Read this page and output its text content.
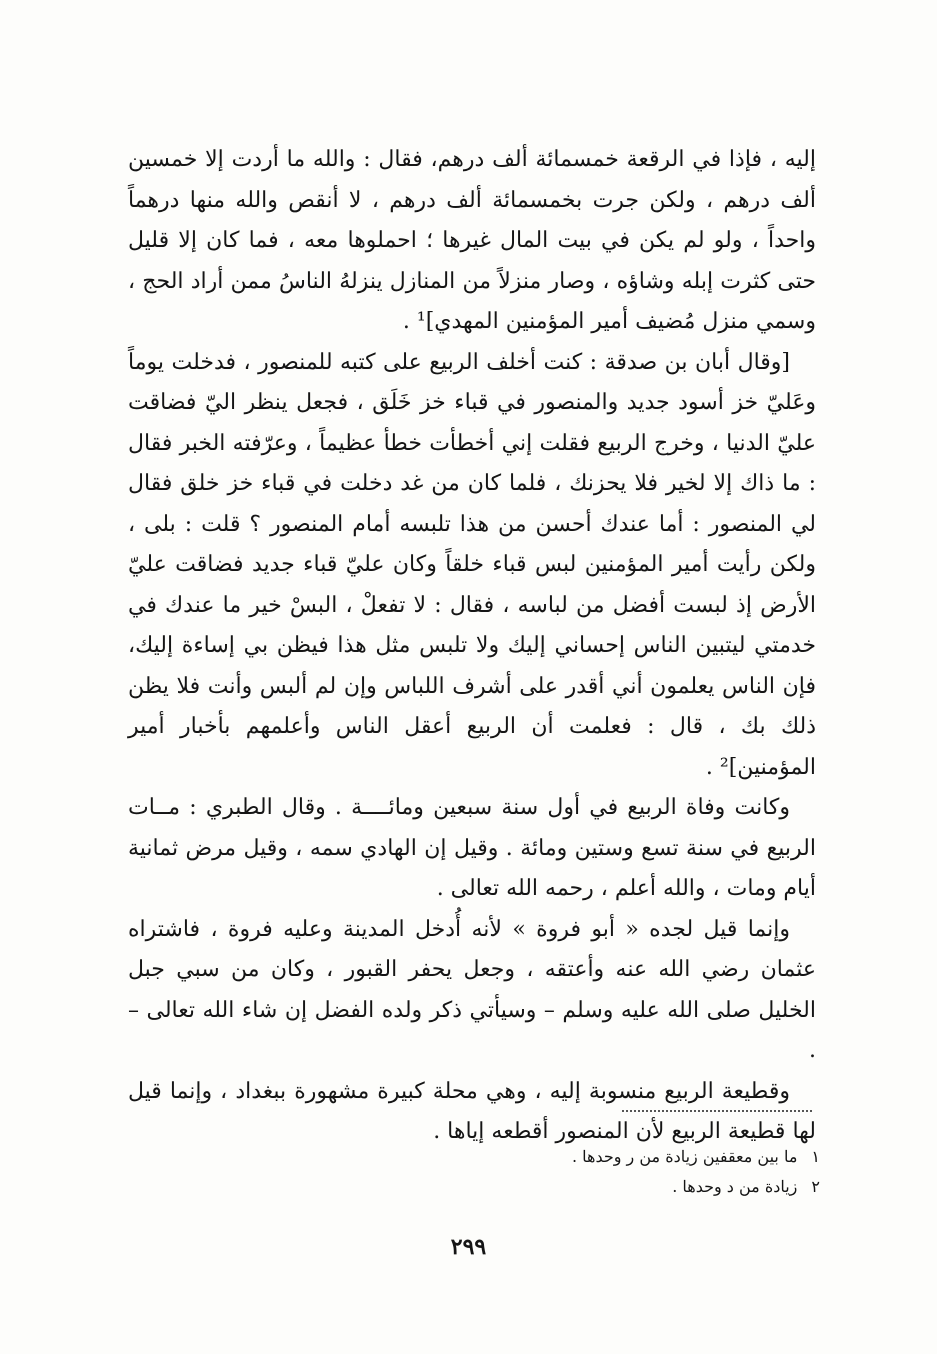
إليه ، فإذا في الرقعة خمسمائة ألف درهم، فقال : والله ما أردت إلا خمسين ألف درهم ، ولكن جرت بخمسمائة ألف درهم ، لا أنقص والله منها درهماً واحداً ، ولو لم يكن في بيت المال غيرها ؛ احملوها معه ، فما كان إلا قليل حتى كثرت إبله وشاؤه ، وصار منزلاً من المنازل ينزلهُ الناسُ ممن أراد الحج ، وسمي منزل مُضيف أمير المؤمنين المهدي]¹ .

[وقال أبان بن صدقة : كنت أخلف الربيع على كتبه للمنصور ، فدخلت يوماً وعَليّ خز أسود جديد والمنصور في قباء خز خَلَق ، فجعل ينظر اليّ فضاقت عليّ الدنيا ، وخرج الربيع فقلت إني أخطأت خطأ عظيماً ، وعرّفته الخبر فقال : ما ذاك إلا لخير فلا يحزنك ، فلما كان من غد دخلت في قباء خز خلق فقال لي المنصور : أما عندك أحسن من هذا تلبسه أمام المنصور ؟ قلت : بلى ، ولكن رأيت أمير المؤمنين لبس قباء خلقاً وكان عليّ قباء جديد فضاقت عليّ الأرض إذ لبست أفضل من لباسه ، فقال : لا تفعلْ ، البسْ خير ما عندك في خدمتي ليتبين الناس إحساني إليك ولا تلبس مثل هذا فيظن بي إساءة إليك، فإن الناس يعلمون أني أقدر على أشرف اللباس وإن لم ألبس وأنت فلا يظن ذلك بك ، قال : فعلمت أن الربيع أعقل الناس وأعلمهم بأخبار أمير المؤمنين]² .

وكانت وفاة الربيع في أول سنة سبعين ومائــــة . وقال الطبري : مــات الربيع في سنة تسع وستين ومائة . وقيل إن الهادي سمه ، وقيل مرض ثمانية أيام ومات ، والله أعلم ، رحمه الله تعالى .

وإنما قيل لجده « أبو فروة » لأنه أُدخل المدينة وعليه فروة ، فاشتراه عثمان رضي الله عنه وأعتقه ، وجعل يحفر القبور ، وكان من سبي جبل الخليل صلى الله عليه وسلم – وسيأتي ذكر ولده الفضل إن شاء الله تعالى – .

وقطيعة الربيع منسوبة إليه ، وهي محلة كبيرة مشهورة ببغداد ، وإنما قيل لها قطيعة الربيع لأن المنصور أقطعه إياها .

١
ما بين معقفين زيادة من ر وحدها .

٢
زيادة من د وحدها .

٢٩٩
